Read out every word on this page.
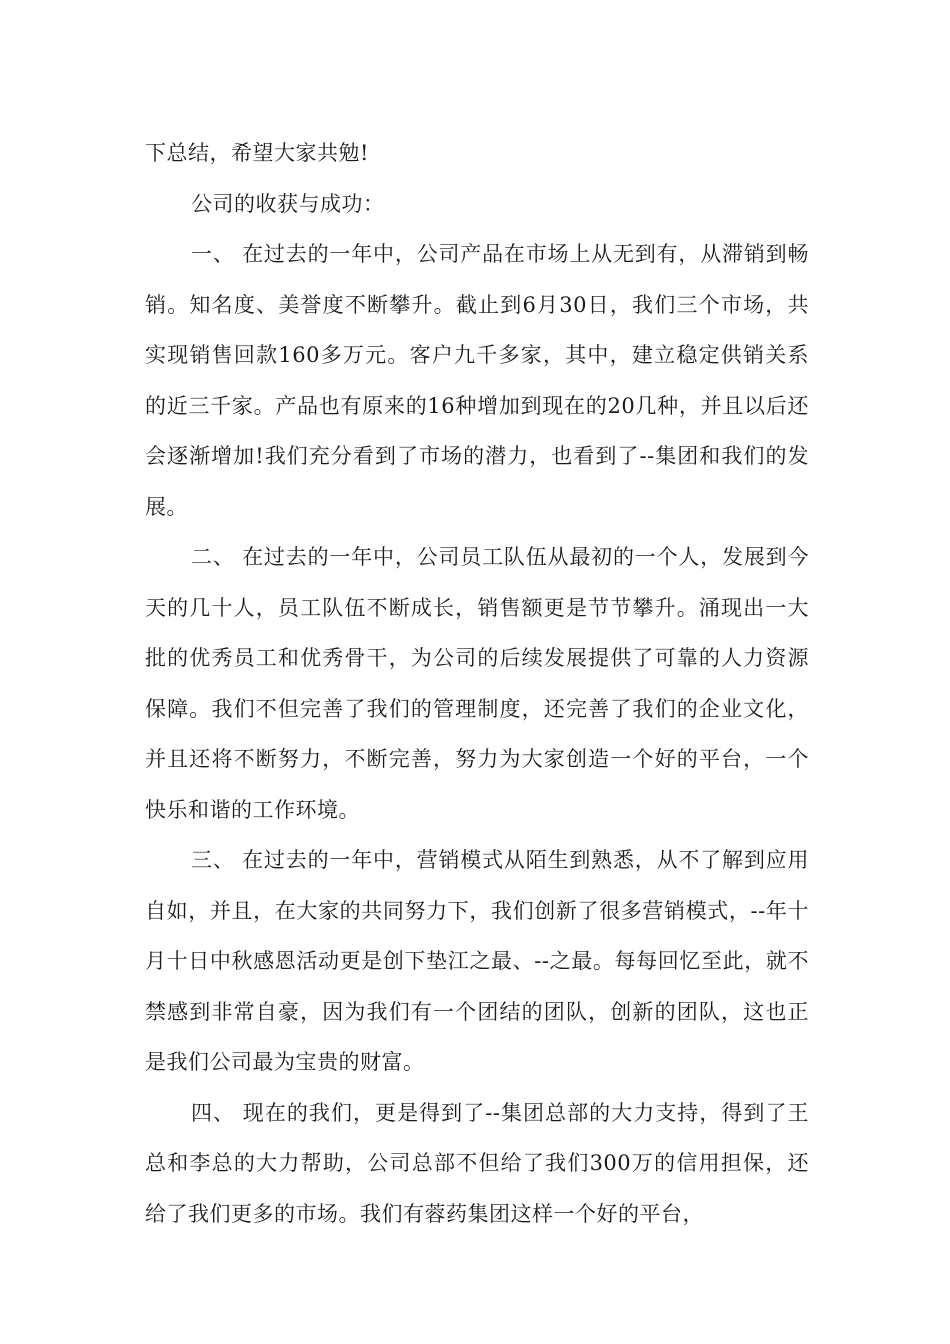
下总结，希望大家共勉!

公司的收获与成功：

一、 在过去的一年中，公司产品在市场上从无到有，从滞销到畅销。知名度、美誉度不断攀升。截止到6月30日，我们三个市场，共实现销售回款160多万元。客户九千多家，其中，建立稳定供销关系的近三千家。产品也有原来的16种增加到现在的20几种，并且以后还会逐渐增加!我们充分看到了市场的潜力，也看到了--集团和我们的发展。

二、 在过去的一年中，公司员工队伍从最初的一个人，发展到今天的几十人，员工队伍不断成长，销售额更是节节攀升。涌现出一大批的优秀员工和优秀骨干，为公司的后续发展提供了可靠的人力资源保障。我们不但完善了我们的管理制度，还完善了我们的企业文化，并且还将不断努力，不断完善，努力为大家创造一个好的平台，一个快乐和谐的工作环境。

三、 在过去的一年中，营销模式从陌生到熟悉，从不了解到应用自如，并且，在大家的共同努力下，我们创新了很多营销模式，--年十月十日中秋感恩活动更是创下垫江之最、--之最。每每回忆至此，就不禁感到非常自豪，因为我们有一个团结的团队，创新的团队，这也正是我们公司最为宝贵的财富。

四、 现在的我们，更是得到了--集团总部的大力支持，得到了王总和李总的大力帮助，公司总部不但给了我们300万的信用担保，还给了我们更多的市场。我们有蓉药集团这样一个好的平台，
